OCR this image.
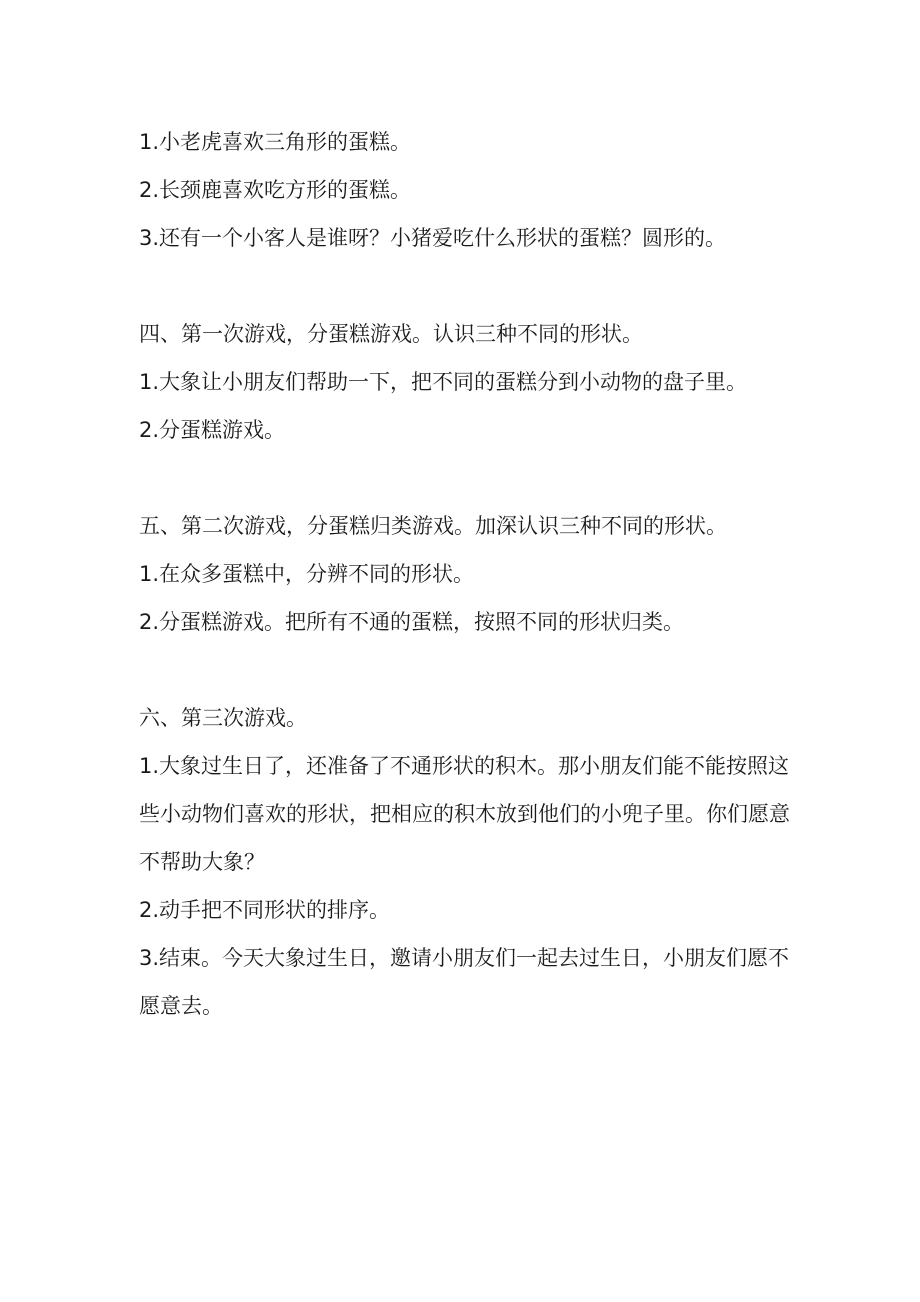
1.小老虎喜欢三角形的蛋糕。

2.长颈鹿喜欢吃方形的蛋糕。

3.还有一个小客人是谁呀？小猪爱吃什么形状的蛋糕？圆形的。

四、第一次游戏，分蛋糕游戏。认识三种不同的形状。

1.大象让小朋友们帮助一下，把不同的蛋糕分到小动物的盘子里。

2.分蛋糕游戏。

五、第二次游戏，分蛋糕归类游戏。加深认识三种不同的形状。

1.在众多蛋糕中，分辨不同的形状。

2.分蛋糕游戏。把所有不通的蛋糕，按照不同的形状归类。

六、第三次游戏。

1.大象过生日了，还准备了不通形状的积木。那小朋友们能不能按照这些小动物们喜欢的形状，把相应的积木放到他们的小兜子里。你们愿意不帮助大象？

2.动手把不同形状的排序。

3.结束。今天大象过生日，邀请小朋友们一起去过生日，小朋友们愿不愿意去。
